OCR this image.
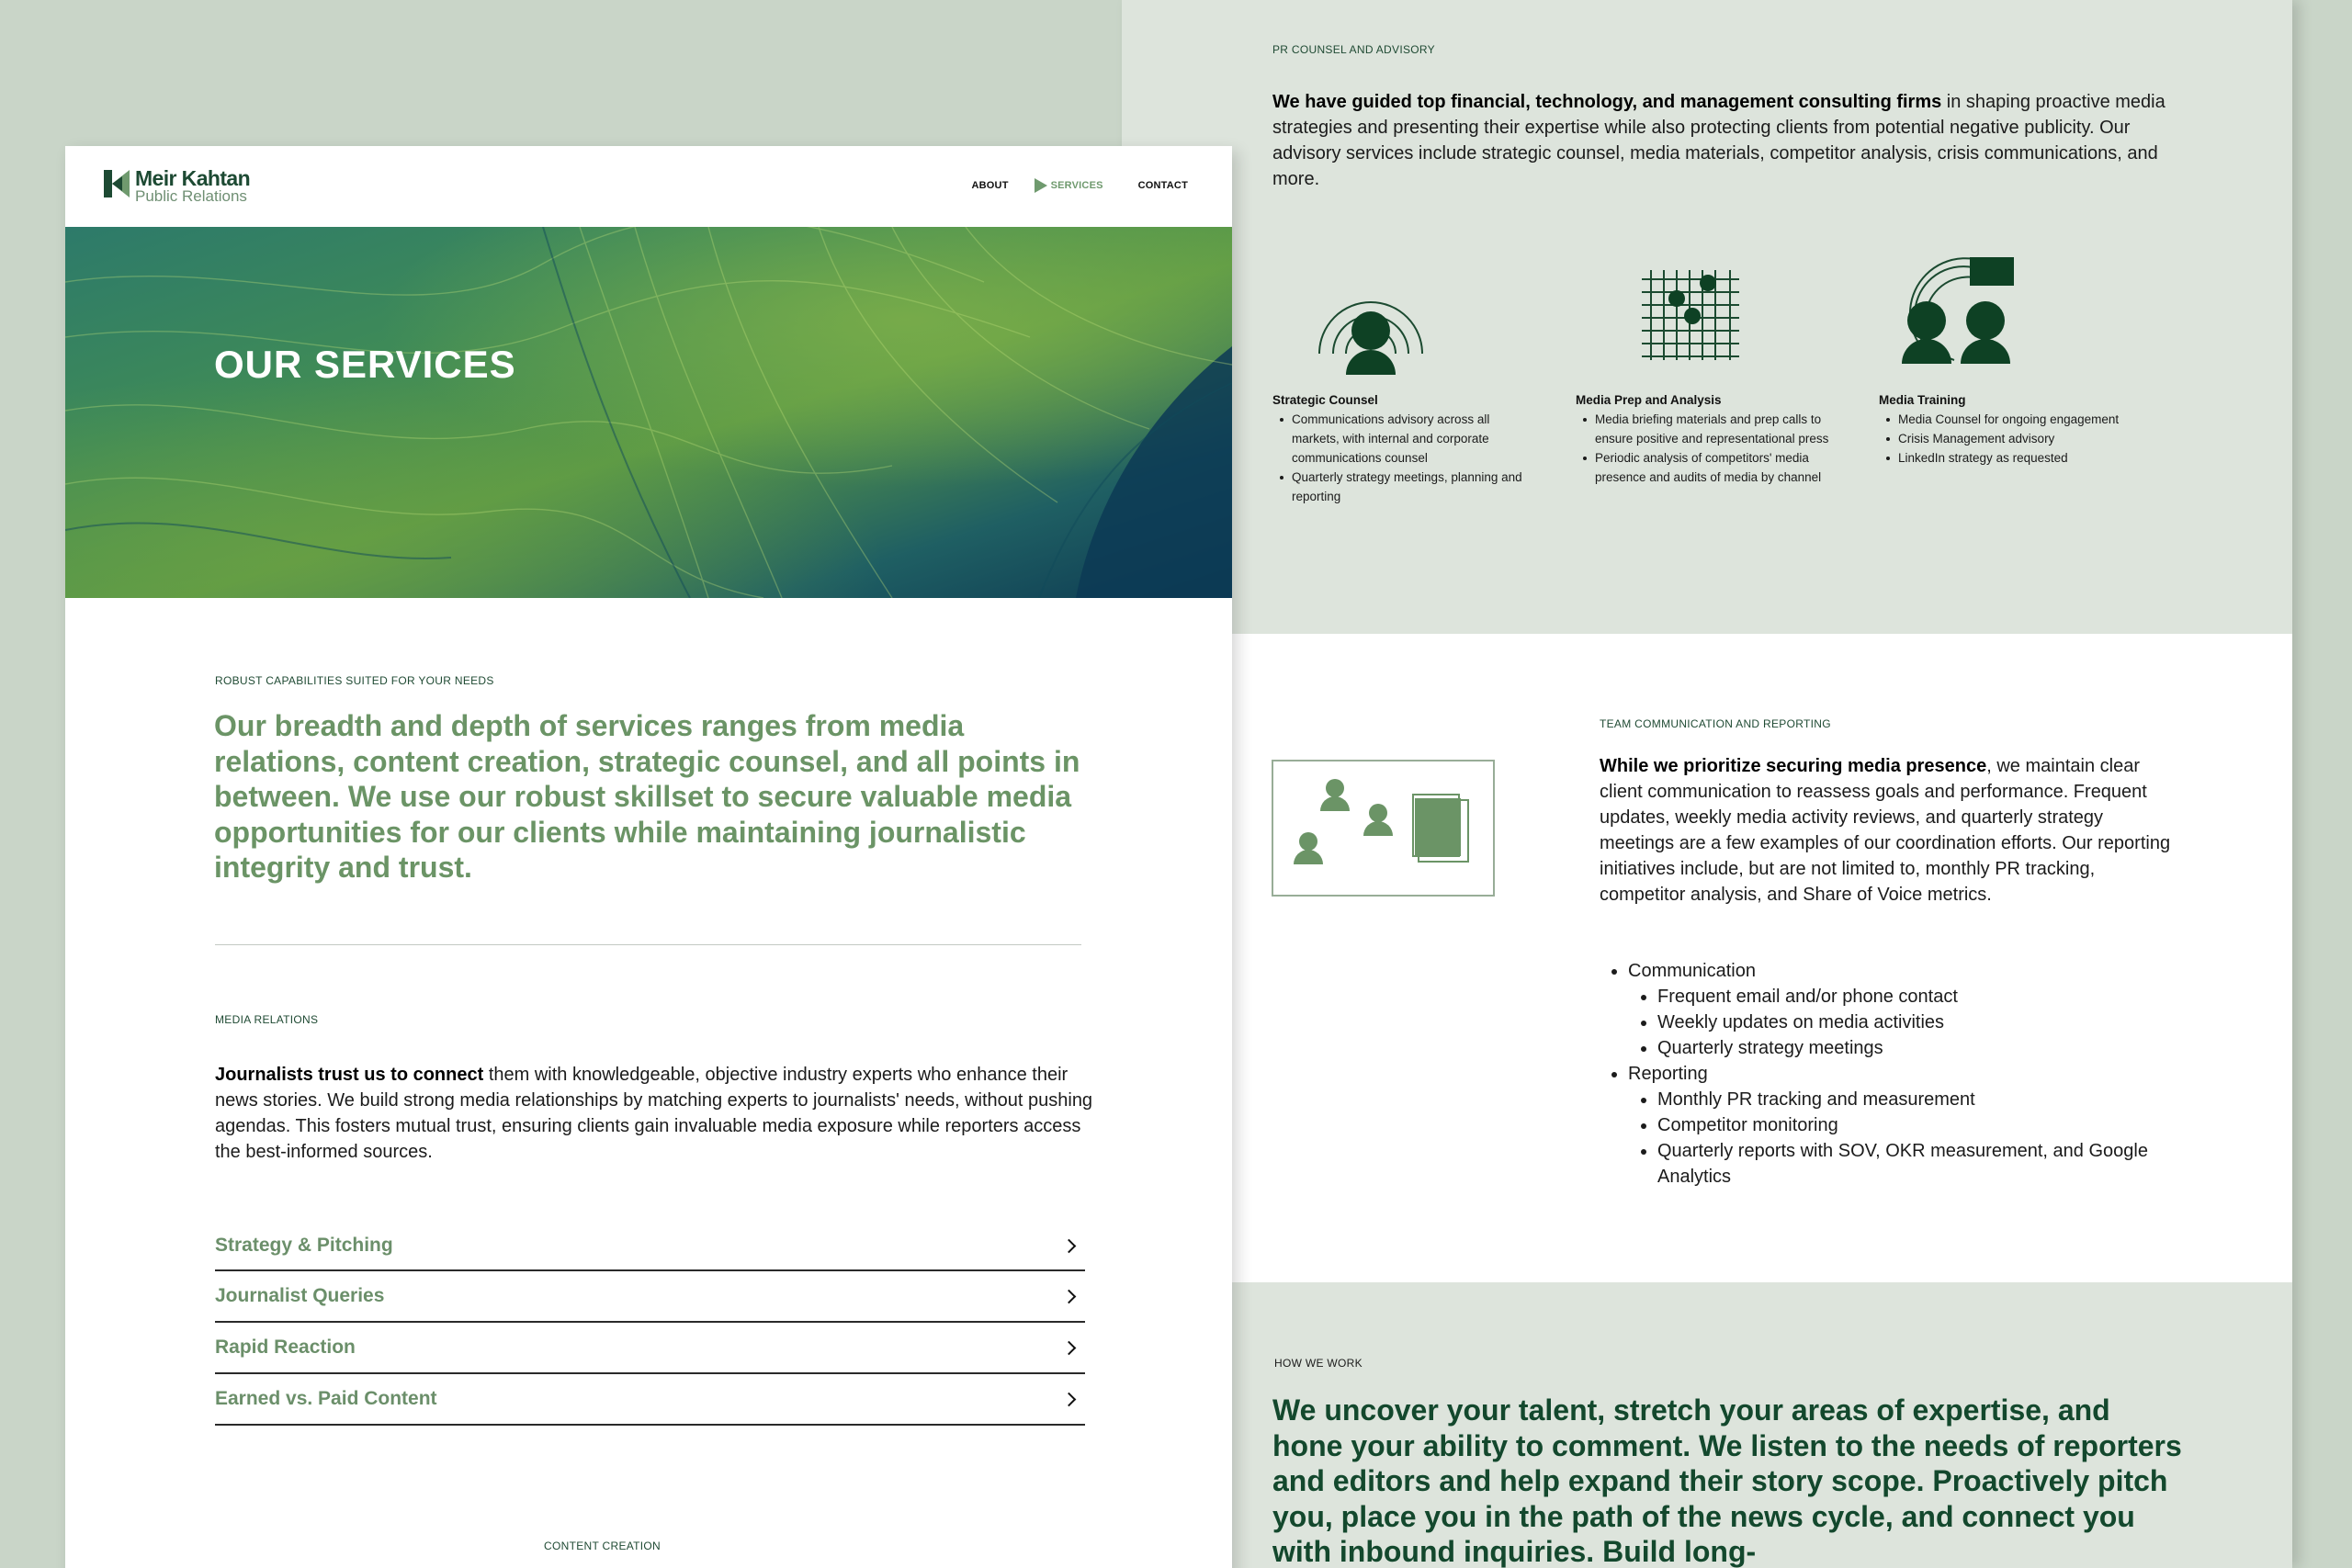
PR COUNSEL AND ADVISORY

We have guided top financial, technology, and management consulting firms in shaping proactive media strategies and presenting their expertise while also protecting clients from potential negative publicity. Our advisory services include strategic counsel, media materials, competitor analysis, crisis communications, and more.

Strategic Counsel
Communications advisory across all markets, with internal and corporate communications counsel
Quarterly strategy meetings, planning and reporting
Media Prep and Analysis
Media briefing materials and prep calls to ensure positive and representational press
Periodic analysis of competitors' media presence and audits of media by channel
Media Training
Media Counsel for ongoing engagement
Crisis Management advisory
LinkedIn strategy as requested
TEAM COMMUNICATION AND REPORTING

While we prioritize securing media presence, we maintain clear client communication to reassess goals and performance. Frequent updates, weekly media activity reviews, and quarterly strategy meetings are a few examples of our coordination efforts. Our reporting initiatives include, but are not limited to, monthly PR tracking, competitor analysis, and Share of Voice metrics.

Communication
Frequent email and/or phone contact
Weekly updates on media activities
Quarterly strategy meetings
Reporting
Monthly PR tracking and measurement
Competitor monitoring
Quarterly reports with SOV, OKR measurement, and Google Analytics
HOW WE WORK

We uncover your talent, stretch your areas of expertise, and hone your ability to comment. We listen to the needs of reporters and editors and help expand their story scope. Proactively pitch you, place you in the path of the news cycle, and connect you with inbound inquiries. Build long-

Meir Kahtan
Public Relations
ABOUT	SERVICES	CONTACT
OUR SERVICES
ROBUST CAPABILITIES SUITED FOR YOUR NEEDS

Our breadth and depth of services ranges from media relations, content creation, strategic counsel, and all points in between. We use our robust skillset to secure valuable media opportunities for our clients while maintaining journalistic integrity and trust.

MEDIA RELATIONS

Journalists trust us to connect them with knowledgeable, objective industry experts who enhance their news stories. We build strong media relationships by matching experts to journalists' needs, without pushing agendas. This fosters mutual trust, ensuring clients gain invaluable media exposure while reporters access the best-informed sources.

Strategy & Pitching
Journalist Queries
Rapid Reaction
Earned vs. Paid Content
CONTENT CREATION
